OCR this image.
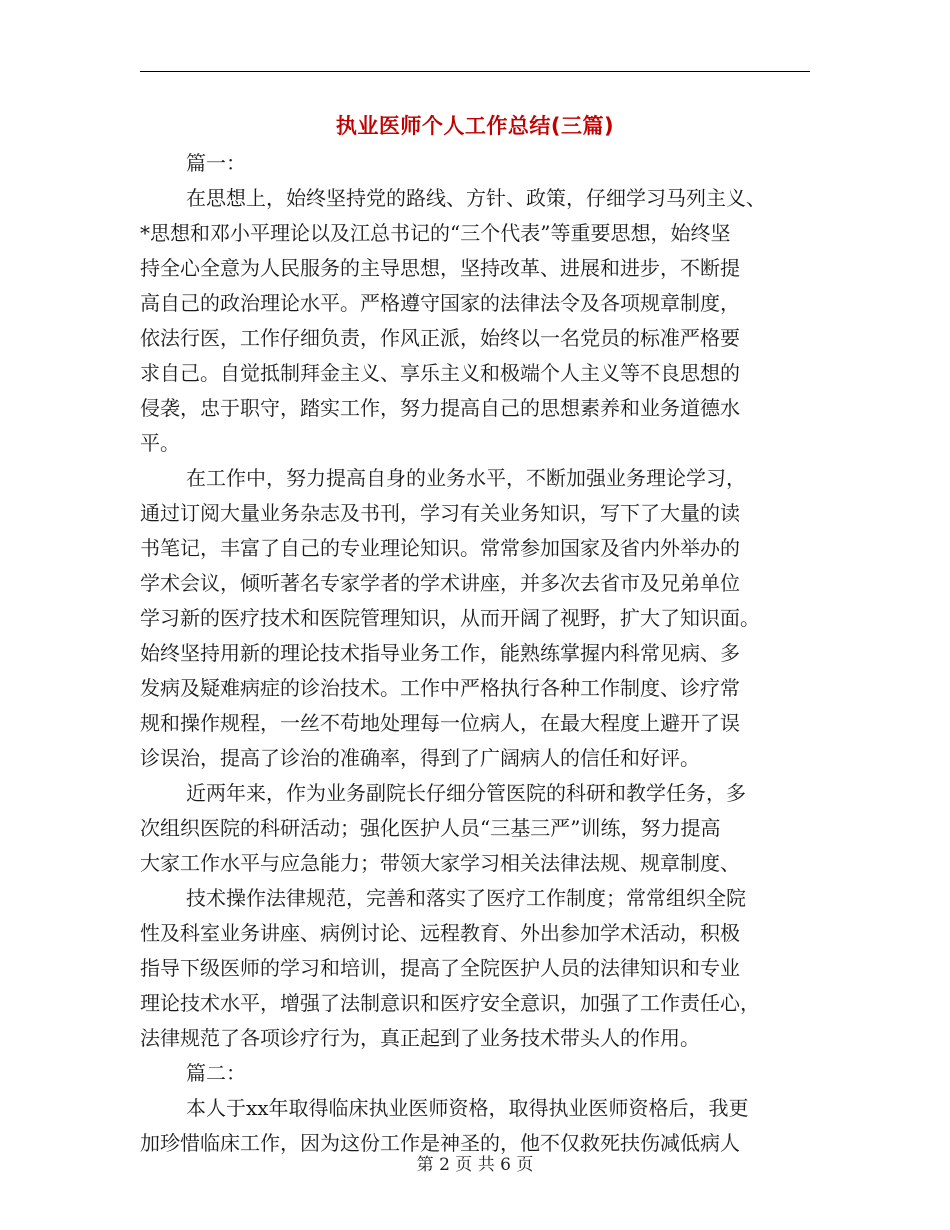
执业医师个人工作总结(三篇)

篇一：

在思想上，始终坚持党的路线、方针、政策，仔细学习马列主义、
*思想和邓小平理论以及江总书记的“三个代表”等重要思想，始终坚
持全心全意为人民服务的主导思想，坚持改革、进展和进步，不断提
高自己的政治理论水平。严格遵守国家的法律法令及各项规章制度，
依法行医，工作仔细负责，作风正派，始终以一名党员的标准严格要
求自己。自觉抵制拜金主义、享乐主义和极端个人主义等不良思想的
侵袭，忠于职守，踏实工作，努力提高自己的思想素养和业务道德水
平。

在工作中，努力提高自身的业务水平，不断加强业务理论学习，
通过订阅大量业务杂志及书刊，学习有关业务知识，写下了大量的读
书笔记，丰富了自己的专业理论知识。常常参加国家及省内外举办的
学术会议，倾听著名专家学者的学术讲座，并多次去省市及兄弟单位
学习新的医疗技术和医院管理知识，从而开阔了视野，扩大了知识面。
始终坚持用新的理论技术指导业务工作，能熟练掌握内科常见病、多
发病及疑难病症的诊治技术。工作中严格执行各种工作制度、诊疗常
规和操作规程，一丝不苟地处理每一位病人，在最大程度上避开了误
诊误治，提高了诊治的准确率，得到了广阔病人的信任和好评。

近两年来，作为业务副院长仔细分管医院的科研和教学任务，多
次组织医院的科研活动；强化医护人员“三基三严”训练，努力提高
大家工作水平与应急能力；带领大家学习相关法律法规、规章制度、

技术操作法律规范，完善和落实了医疗工作制度；常常组织全院
性及科室业务讲座、病例讨论、远程教育、外出参加学术活动，积极
指导下级医师的学习和培训，提高了全院医护人员的法律知识和专业
理论技术水平，增强了法制意识和医疗安全意识，加强了工作责任心，
法律规范了各项诊疗行为，真正起到了业务技术带头人的作用。

篇二：

本人于xx年取得临床执业医师资格，取得执业医师资格后，我更
加珍惜临床工作，因为这份工作是神圣的，他不仅救死扶伤减低病人

第 2 页 共 6 页
